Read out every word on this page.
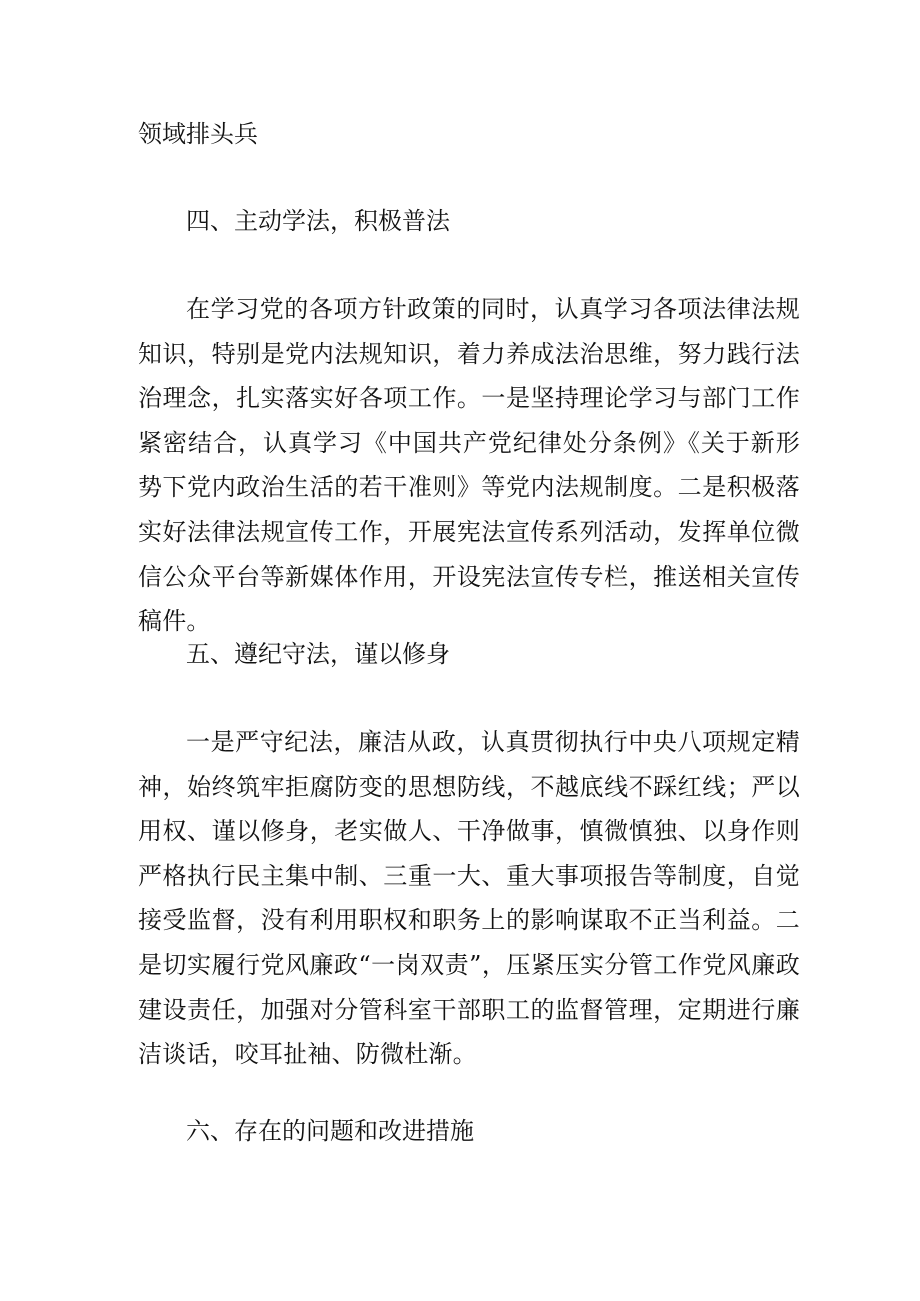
领域排头兵

四、主动学法，积极普法

在学习党的各项方针政策的同时，认真学习各项法律法规知识，特别是党内法规知识，着力养成法治思维，努力践行法治理念，扎实落实好各项工作。一是坚持理论学习与部门工作紧密结合，认真学习《中国共产党纪律处分条例》《关于新形势下党内政治生活的若干准则》等党内法规制度。二是积极落实好法律法规宣传工作，开展宪法宣传系列活动，发挥单位微信公众平台等新媒体作用，开设宪法宣传专栏，推送相关宣传稿件。

五、遵纪守法，谨以修身

一是严守纪法，廉洁从政，认真贯彻执行中央八项规定精神，始终筑牢拒腐防变的思想防线，不越底线不踩红线；严以用权、谨以修身，老实做人、干净做事，慎微慎独、以身作则严格执行民主集中制、三重一大、重大事项报告等制度，自觉接受监督，没有利用职权和职务上的影响谋取不正当利益。二是切实履行党风廉政“一岗双责”，压紧压实分管工作党风廉政建设责任，加强对分管科室干部职工的监督管理，定期进行廉洁谈话，咬耳扯袖、防微杜渐。

六、存在的问题和改进措施
